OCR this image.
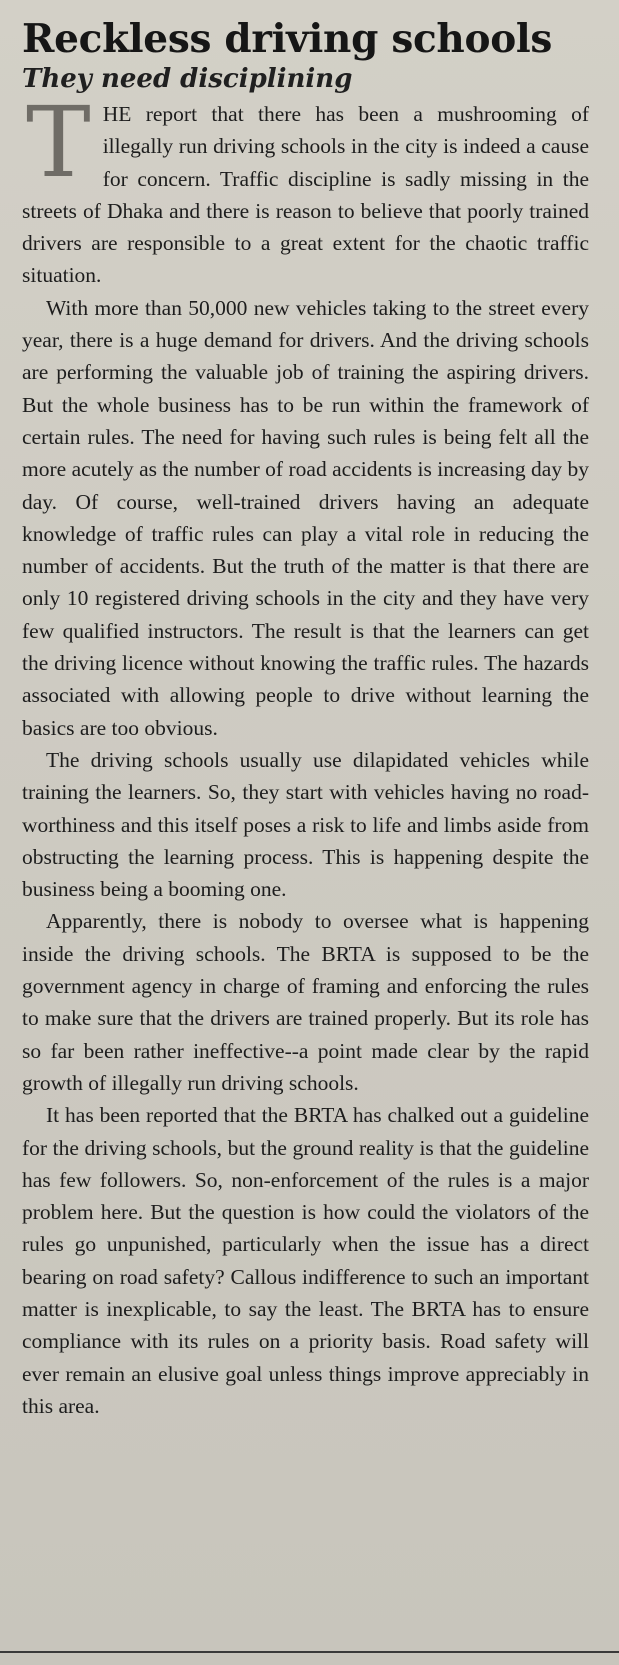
Reckless driving schools
They need disciplining

THE report that there has been a mushrooming of illegally run driving schools in the city is indeed a cause for concern. Traffic discipline is sadly missing in the streets of Dhaka and there is reason to believe that poorly trained drivers are responsible to a great extent for the chaotic traffic situation.

With more than 50,000 new vehicles taking to the street every year, there is a huge demand for drivers. And the driving schools are performing the valuable job of training the aspiring drivers. But the whole business has to be run within the framework of certain rules. The need for having such rules is being felt all the more acutely as the number of road accidents is increasing day by day. Of course, well-trained drivers having an adequate knowledge of traffic rules can play a vital role in reducing the number of accidents. But the truth of the matter is that there are only 10 registered driving schools in the city and they have very few qualified instructors. The result is that the learners can get the driving licence without knowing the traffic rules. The hazards associated with allowing people to drive without learning the basics are too obvious.

The driving schools usually use dilapidated vehicles while training the learners. So, they start with vehicles having no road-worthiness and this itself poses a risk to life and limbs aside from obstructing the learning process. This is happening despite the business being a booming one.

Apparently, there is nobody to oversee what is happening inside the driving schools. The BRTA is supposed to be the government agency in charge of framing and enforcing the rules to make sure that the drivers are trained properly. But its role has so far been rather ineffective--a point made clear by the rapid growth of illegally run driving schools.

It has been reported that the BRTA has chalked out a guideline for the driving schools, but the ground reality is that the guideline has few followers. So, non-enforcement of the rules is a major problem here. But the question is how could the violators of the rules go unpunished, particularly when the issue has a direct bearing on road safety? Callous indifference to such an important matter is inexplicable, to say the least. The BRTA has to ensure compliance with its rules on a priority basis. Road safety will ever remain an elusive goal unless things improve appreciably in this area.
